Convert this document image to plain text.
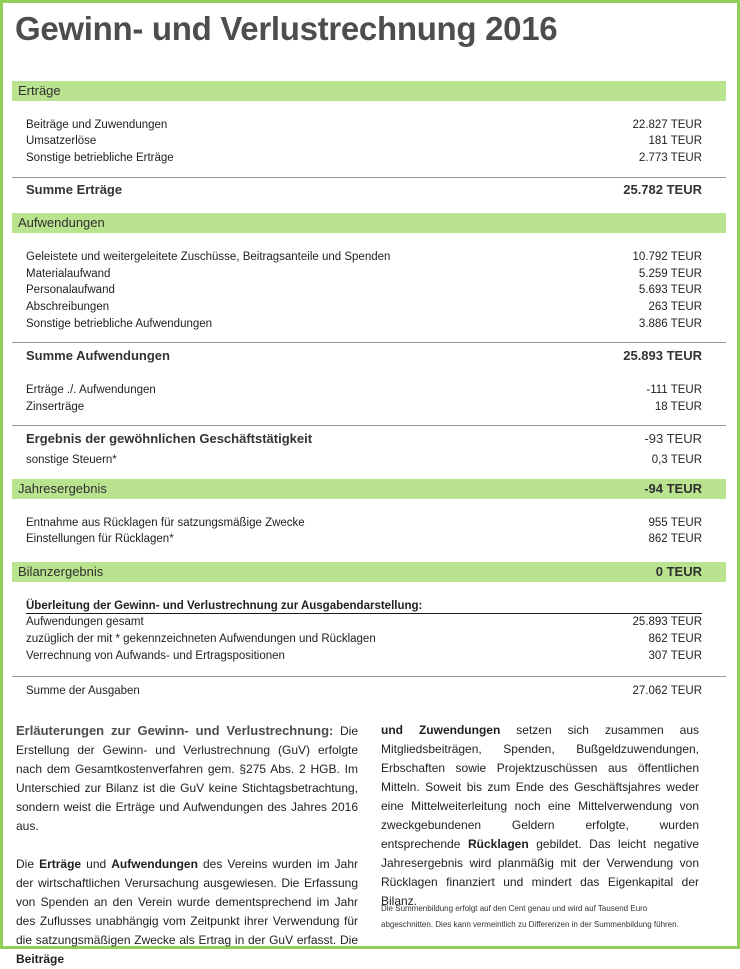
Gewinn- und Verlustrechnung 2016
Erträge
Beiträge und Zuwendungen	22.827 TEUR
Umsatzerlöse	181 TEUR
Sonstige betriebliche Erträge	2.773 TEUR
Summe Erträge	25.782 TEUR
Aufwendungen
Geleistete und weitergeleitete Zuschüsse, Beitragsanteile und Spenden	10.792 TEUR
Materialaufwand	5.259 TEUR
Personalaufwand	5.693 TEUR
Abschreibungen	263 TEUR
Sonstige betriebliche Aufwendungen	3.886 TEUR
Summe Aufwendungen	25.893 TEUR
Erträge ./. Aufwendungen	-111 TEUR
Zinserträge	18 TEUR
Ergebnis der gewöhnlichen Geschäftstätigkeit	-93 TEUR
sonstige Steuern*	0,3 TEUR
Jahresergebnis	-94 TEUR
Entnahme aus Rücklagen für satzungsmäßige Zwecke	955 TEUR
Einstellungen für Rücklagen*	862 TEUR
Bilanzergebnis	0 TEUR
Überleitung der Gewinn- und Verlustrechnung zur Ausgabendarstellung:
Aufwendungen gesamt	25.893 TEUR
zuzüglich der mit * gekennzeichneten Aufwendungen und Rücklagen	862 TEUR
Verrechnung von Aufwands- und Ertragspositionen	307 TEUR
Summe der Ausgaben	27.062 TEUR

Erläuterungen zur Gewinn- und Verlustrechnung: Die Erstellung der Gewinn- und Verlustrechnung (GuV) erfolgte nach dem Gesamtkostenverfahren gem. §275 Abs. 2 HGB. Im Unterschied zur Bilanz ist die GuV keine Stichtagsbetrachtung, sondern weist die Erträge und Aufwendungen des Jahres 2016 aus.

Die Erträge und Aufwendungen des Vereins wurden im Jahr der wirtschaftlichen Verursachung ausgewiesen. Die Erfassung von Spenden an den Verein wurde dementsprechend im Jahr des Zuflusses unabhängig vom Zeitpunkt ihrer Verwendung für die satzungsmäßigen Zwecke als Ertrag in der GuV erfasst. Die Beiträge

und Zuwendungen setzen sich zusammen aus Mitgliedsbeiträgen, Spenden, Bußgeldzuwendungen, Erbschaften sowie Projektzuschüssen aus öffentlichen Mitteln. Soweit bis zum Ende des Geschäftsjahres weder eine Mittelweiterleitung noch eine Mittelverwendung von zweckgebundenen Geldern erfolgte, wurden entsprechende Rücklagen gebildet. Das leicht negative Jahresergebnis wird planmäßig mit der Verwendung von Rücklagen finanziert und mindert das Eigenkapital der Bilanz.

Die Summenbildung erfolgt auf den Cent genau und wird auf Tausend Euro abgeschnitten. Dies kann vermeintlich zu Differenzen in der Summenbildung führen.
